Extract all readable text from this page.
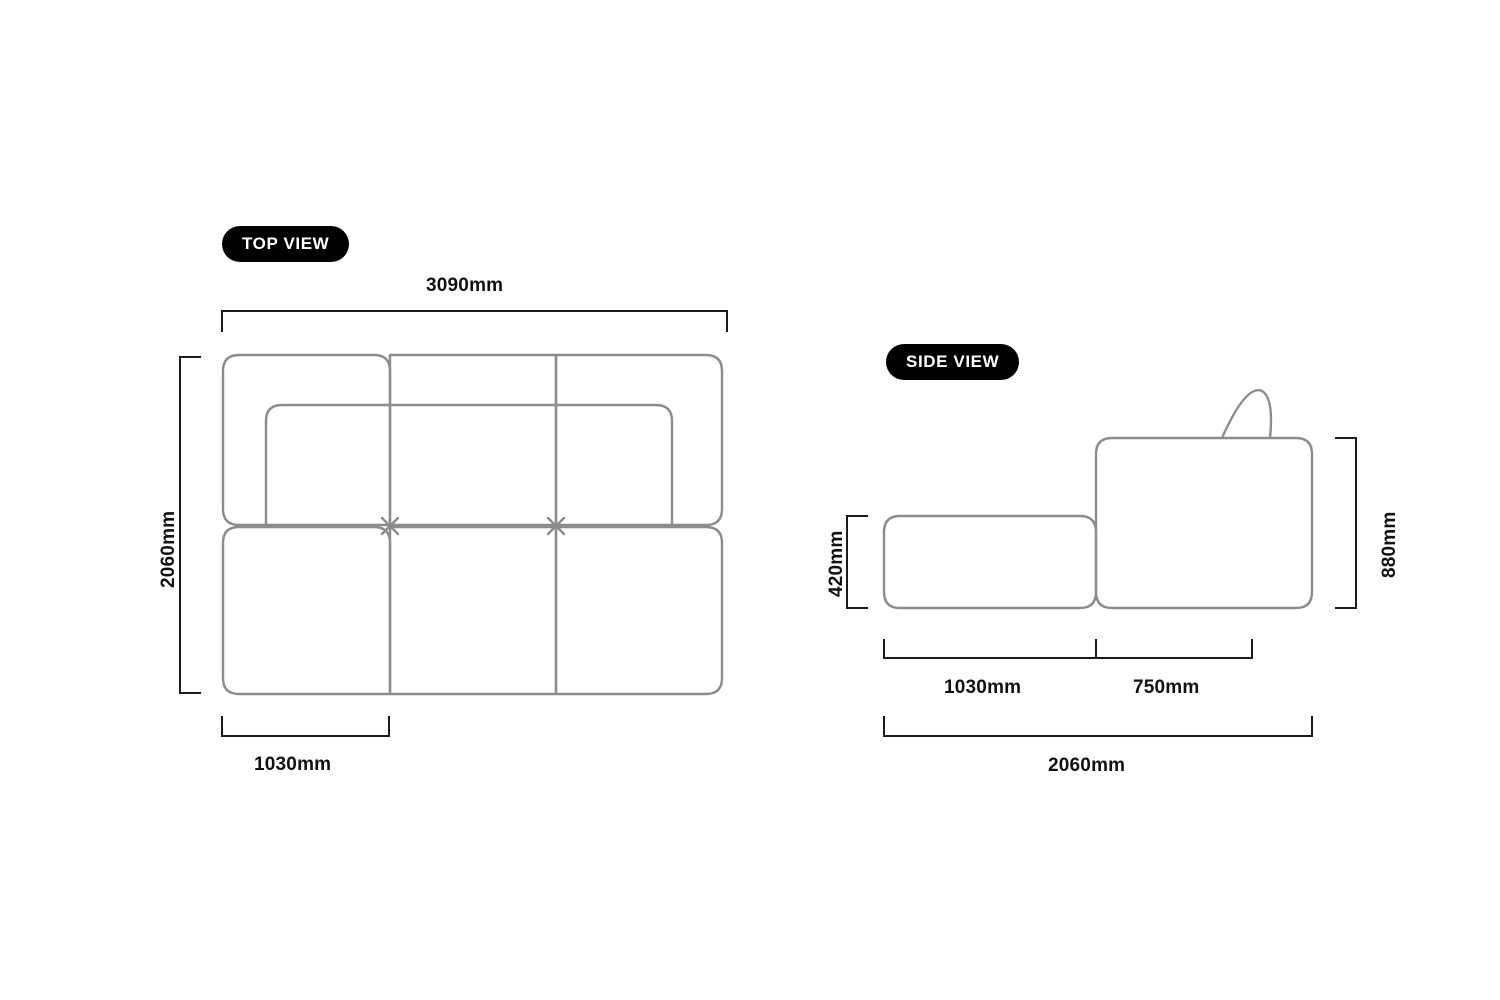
TOP VIEW
SIDE VIEW
3090mm
2060mm
1030mm
420mm	880mm
1030mm	750mm
2060mm
